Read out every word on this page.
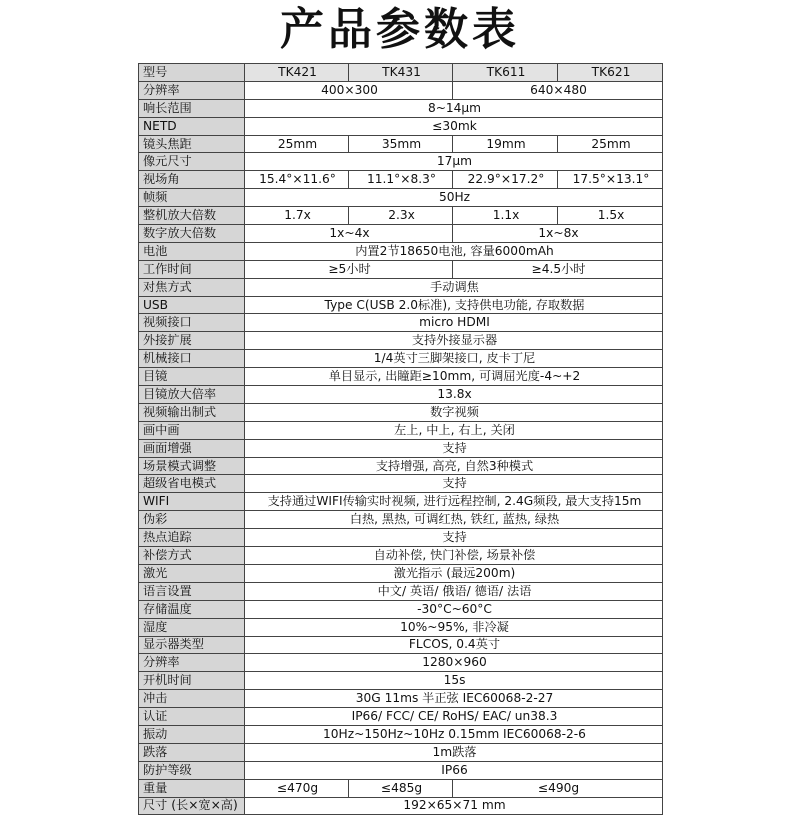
产品参数表
型号	TK421	TK431	TK611	TK621
分辨率	400×300		640×480	
响长范围	8~14μm			
NETD	≤30mk			
镜头焦距	25mm	35mm	19mm	25mm
像元尺寸	17μm			
视场角	15.4°×11.6°	11.1°×8.3°	22.9°×17.2°	17.5°×13.1°
帧频	50Hz			
整机放大倍数	1.7x	2.3x	1.1x	1.5x
数字放大倍数	1x~4x		1x~8x	
电池	内置2节18650电池, 容量6000mAh			
工作时间	≥5小时		≥4.5小时	
对焦方式	手动调焦			
USB	Type C(USB 2.0标准), 支持供电功能, 存取数据			
视频接口	micro HDMI			
外接扩展	支持外接显示器			
机械接口	1/4英寸三脚架接口, 皮卡丁尼			
目镜	单目显示, 出瞳距≥10mm, 可调屈光度-4~+2			
目镜放大倍率	13.8x			
视频输出制式	数字视频			
画中画	左上, 中上, 右上, 关闭			
画面增强	支持			
场景模式调整	支持增强, 高亮, 自然3种模式			
超级省电模式	支持			
WIFI	支持通过WIFI传输实时视频, 进行远程控制, 2.4G频段, 最大支持15m			
伪彩	白热, 黑热, 可调红热, 铁红, 蓝热, 绿热			
热点追踪	支持			
补偿方式	自动补偿, 快门补偿, 场景补偿			
激光	激光指示 (最远200m)			
语言设置	中文/ 英语/ 俄语/ 德语/ 法语			
存储温度	-30°C~60°C			
湿度	10%~95%, 非冷凝			
显示器类型	FLCOS, 0.4英寸			
分辨率	1280×960			
开机时间	15s			
冲击	30G 11ms 半正弦 IEC60068-2-27			
认证	IP66/ FCC/ CE/ RoHS/ EAC/ un38.3			
振动	10Hz~150Hz~10Hz 0.15mm IEC60068-2-6			
跌落	1m跌落			
防护等级	IP66			
重量	≤470g	≤485g	≤490g	
尺寸 (长×宽×高)	192×65×71 mm			
